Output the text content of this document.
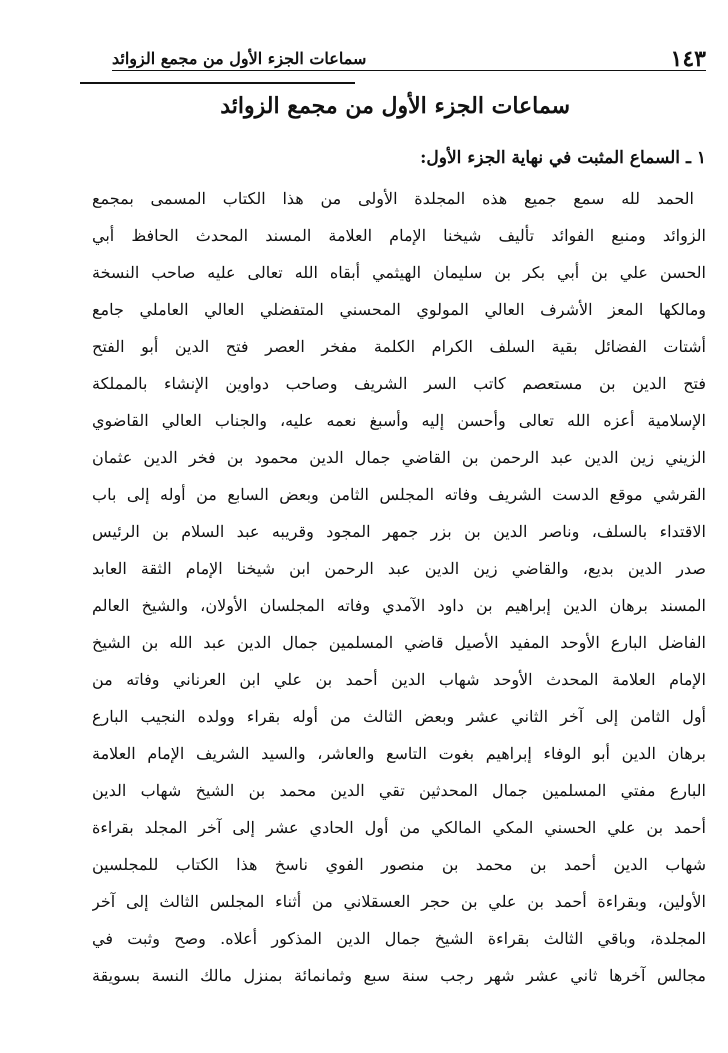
١٤٣
سماعات الجزء الأول من مجمع الزوائد
سماعات الجزء الأول من مجمع الزوائد
١ ـ السماع المثبت في نهاية الجزء الأول:
الحمد لله سمع جميع هذه المجلدة الأولى من هذا الكتاب المسمى بمجمع
الزوائد ومنبع الفوائد تأليف شيخنا الإمام العلامة المسند المحدث الحافظ أبي
الحسن علي بن أبي بكر بن سليمان الهيثمي أبقاه الله تعالى عليه صاحب النسخة
ومالكها المعز الأشرف العالي المولوي المحسني المتفضلي العالي العاملي جامع
أشتات الفضائل بقية السلف الكرام الكلمة مفخر العصر فتح الدين أبو الفتح
فتح الدين بن مستعصم كاتب السر الشريف وصاحب دواوين الإنشاء بالمملكة
الإسلامية أعزه الله تعالى وأحسن إليه وأسبغ نعمه عليه، والجناب العالي القاضوي
الزيني زين الدين عبد الرحمن بن القاضي جمال الدين محمود بن فخر الدين عثمان
القرشي موقع الدست الشريف وفاته المجلس الثامن وبعض السابع من أوله إلى باب
الاقتداء بالسلف، وناصر الدين بن بزر جمهر المجود وقريبه عبد السلام بن الرئيس
صدر الدين بديع، والقاضي زين الدين عبد الرحمن ابن شيخنا الإمام الثقة العابد
المسند برهان الدين إبراهيم بن داود الآمدي وفاته المجلسان الأولان، والشيخ العالم
الفاضل البارع الأوحد المفيد الأصيل قاضي المسلمين جمال الدين عبد الله بن الشيخ
الإمام العلامة المحدث الأوحد شهاب الدين أحمد بن علي ابن العرناني وفاته من
أول الثامن إلى آخر الثاني عشر وبعض الثالث من أوله بقراء وولده النجيب البارع
برهان الدين أبو الوفاء إبراهيم بغوت التاسع والعاشر، والسيد الشريف الإمام العلامة
البارع مفتي المسلمين جمال المحدثين تقي الدين محمد بن الشيخ شهاب الدين
أحمد بن علي الحسني المكي المالكي من أول الحادي عشر إلى آخر المجلد بقراءة
شهاب الدين أحمد بن محمد بن منصور الفوي ناسخ هذا الكتاب للمجلسين
الأولين، وبقراءة أحمد بن علي بن حجر العسقلاني من أثناء المجلس الثالث إلى آخر
المجلدة، وباقي الثالث بقراءة الشيخ جمال الدين المذكور أعلاه. وصح وثبت في
مجالس آخرها ثاني عشر شهر رجب سنة سبع وثمانمائة بمنزل مالك النسة بسويقة
